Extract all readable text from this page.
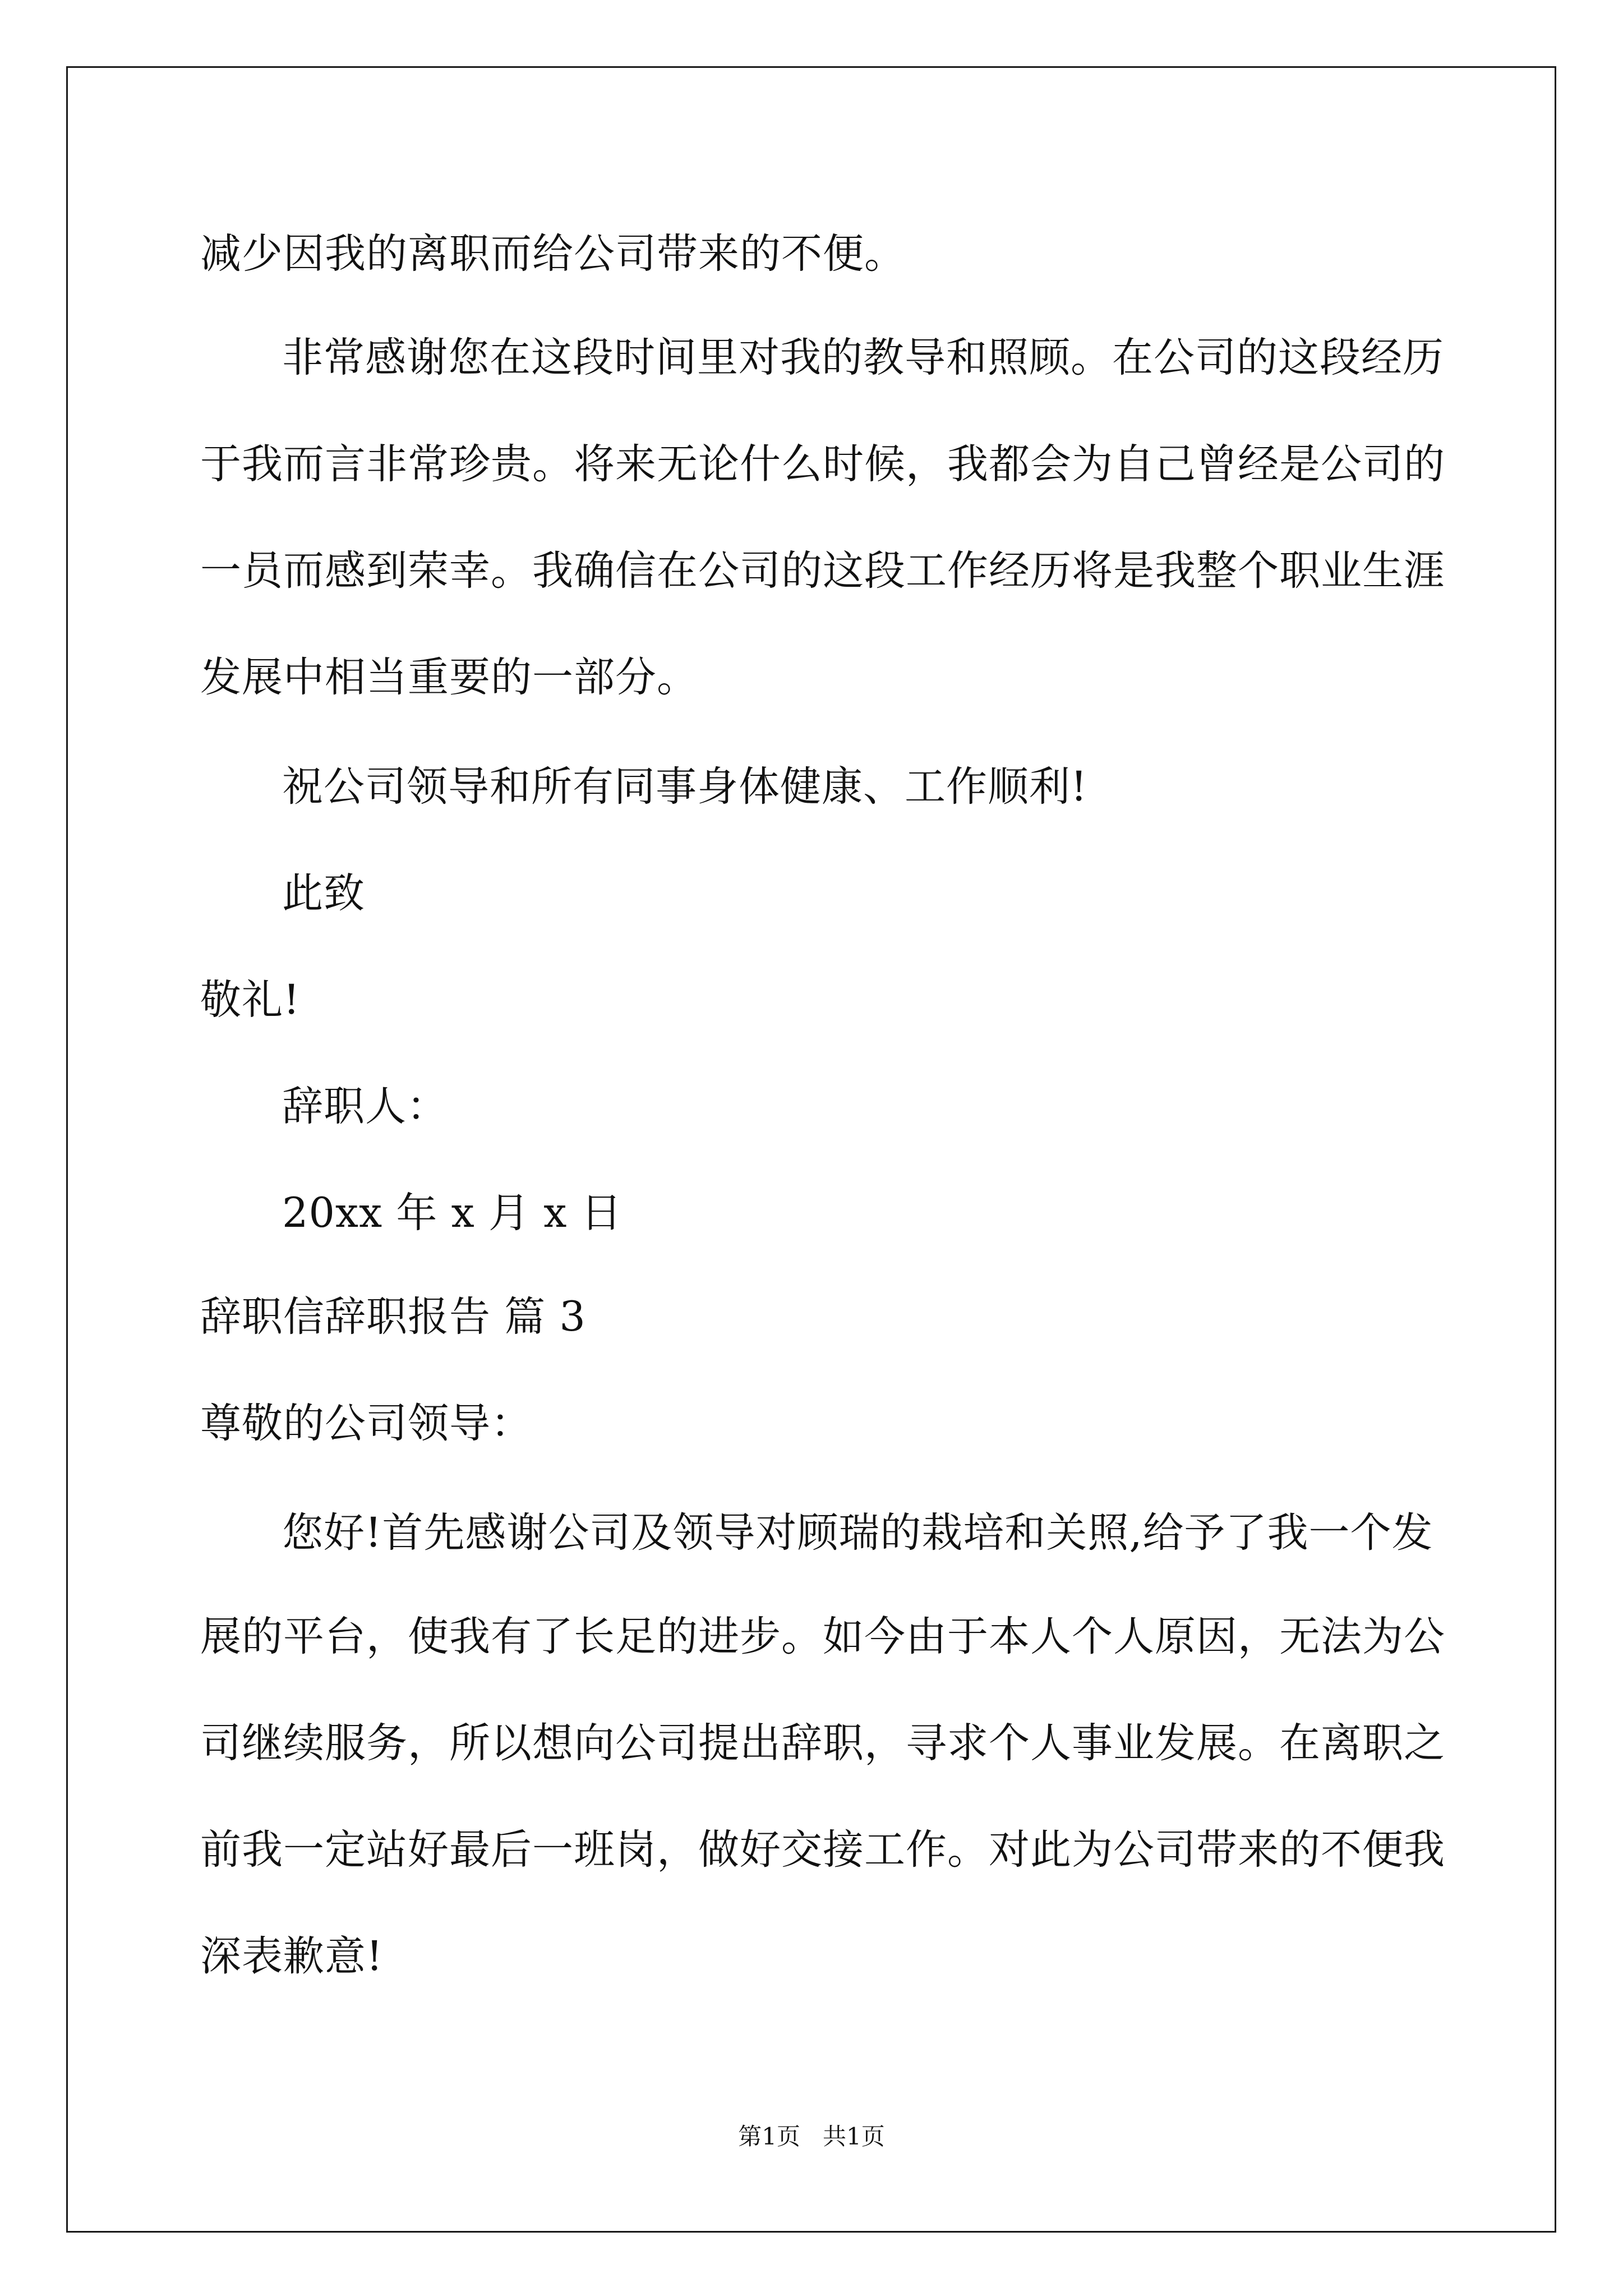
减少因我的离职而给公司带来的不便。
非常感谢您在这段时间里对我的教导和照顾。在公司的这段经历
于我而言非常珍贵。将来无论什么时候，我都会为自己曾经是公司的
一员而感到荣幸。我确信在公司的这段工作经历将是我整个职业生涯
发展中相当重要的一部分。
祝公司领导和所有同事身体健康、工作顺利!
此致
敬礼!
辞职人：
20xx 年 x 月 x 日
辞职信辞职报告 篇 3
尊敬的公司领导：
您好!首先感谢公司及领导对顾瑞的栽培和关照,给予了我一个发
展的平台，使我有了长足的进步。如今由于本人个人原因，无法为公
司继续服务，所以想向公司提出辞职，寻求个人事业发展。在离职之
前我一定站好最后一班岗，做好交接工作。对此为公司带来的不便我
深表歉意!
第1页   共1页
